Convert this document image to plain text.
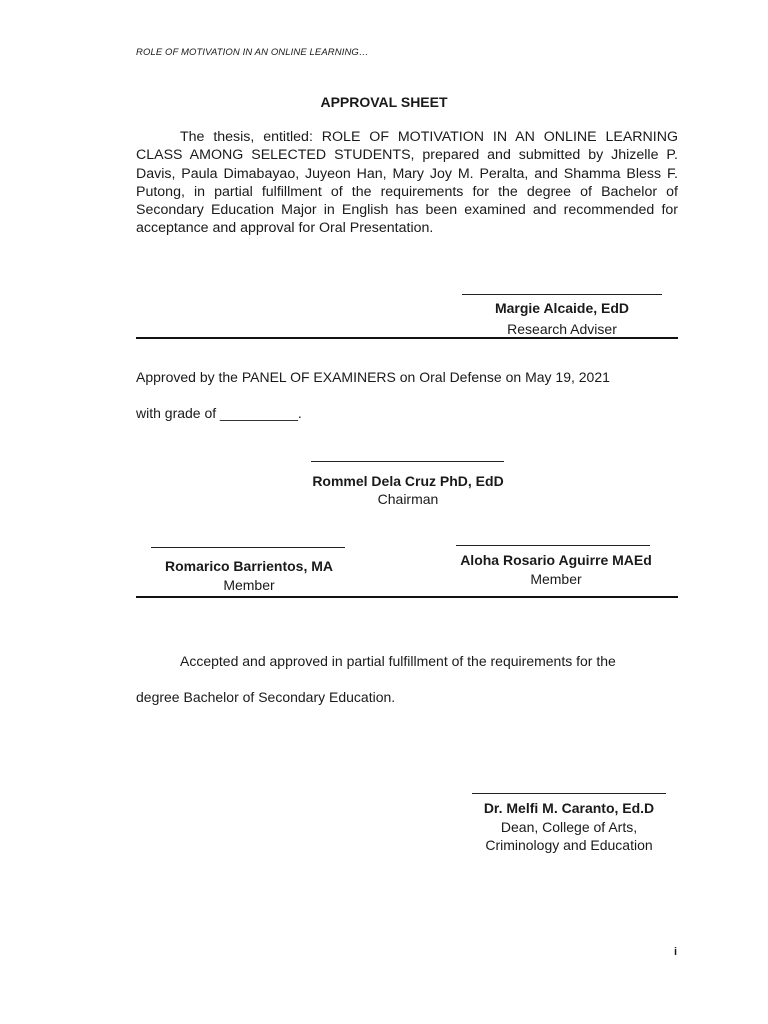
ROLE OF MOTIVATION IN AN ONLINE LEARNING…
APPROVAL SHEET
The thesis, entitled: ROLE OF MOTIVATION IN AN ONLINE LEARNING CLASS AMONG SELECTED STUDENTS, prepared and submitted by Jhizelle P. Davis, Paula Dimabayao, Juyeon Han, Mary Joy M. Peralta, and Shamma Bless F. Putong, in partial fulfillment of the requirements for the degree of Bachelor of Secondary Education Major in English has been examined and recommended for acceptance and approval for Oral Presentation.
Margie Alcaide, EdD
Research Adviser
Approved by the PANEL OF EXAMINERS on Oral Defense on May 19, 2021
with grade of __________.
Rommel Dela Cruz PhD, EdD
Chairman
Romarico Barrientos, MA
Member
Aloha Rosario Aguirre MAEd
Member
Accepted and approved in partial fulfillment of the requirements for the
degree Bachelor of Secondary Education.
Dr. Melfi M. Caranto, Ed.D
Dean, College of Arts,
Criminology and Education
i
